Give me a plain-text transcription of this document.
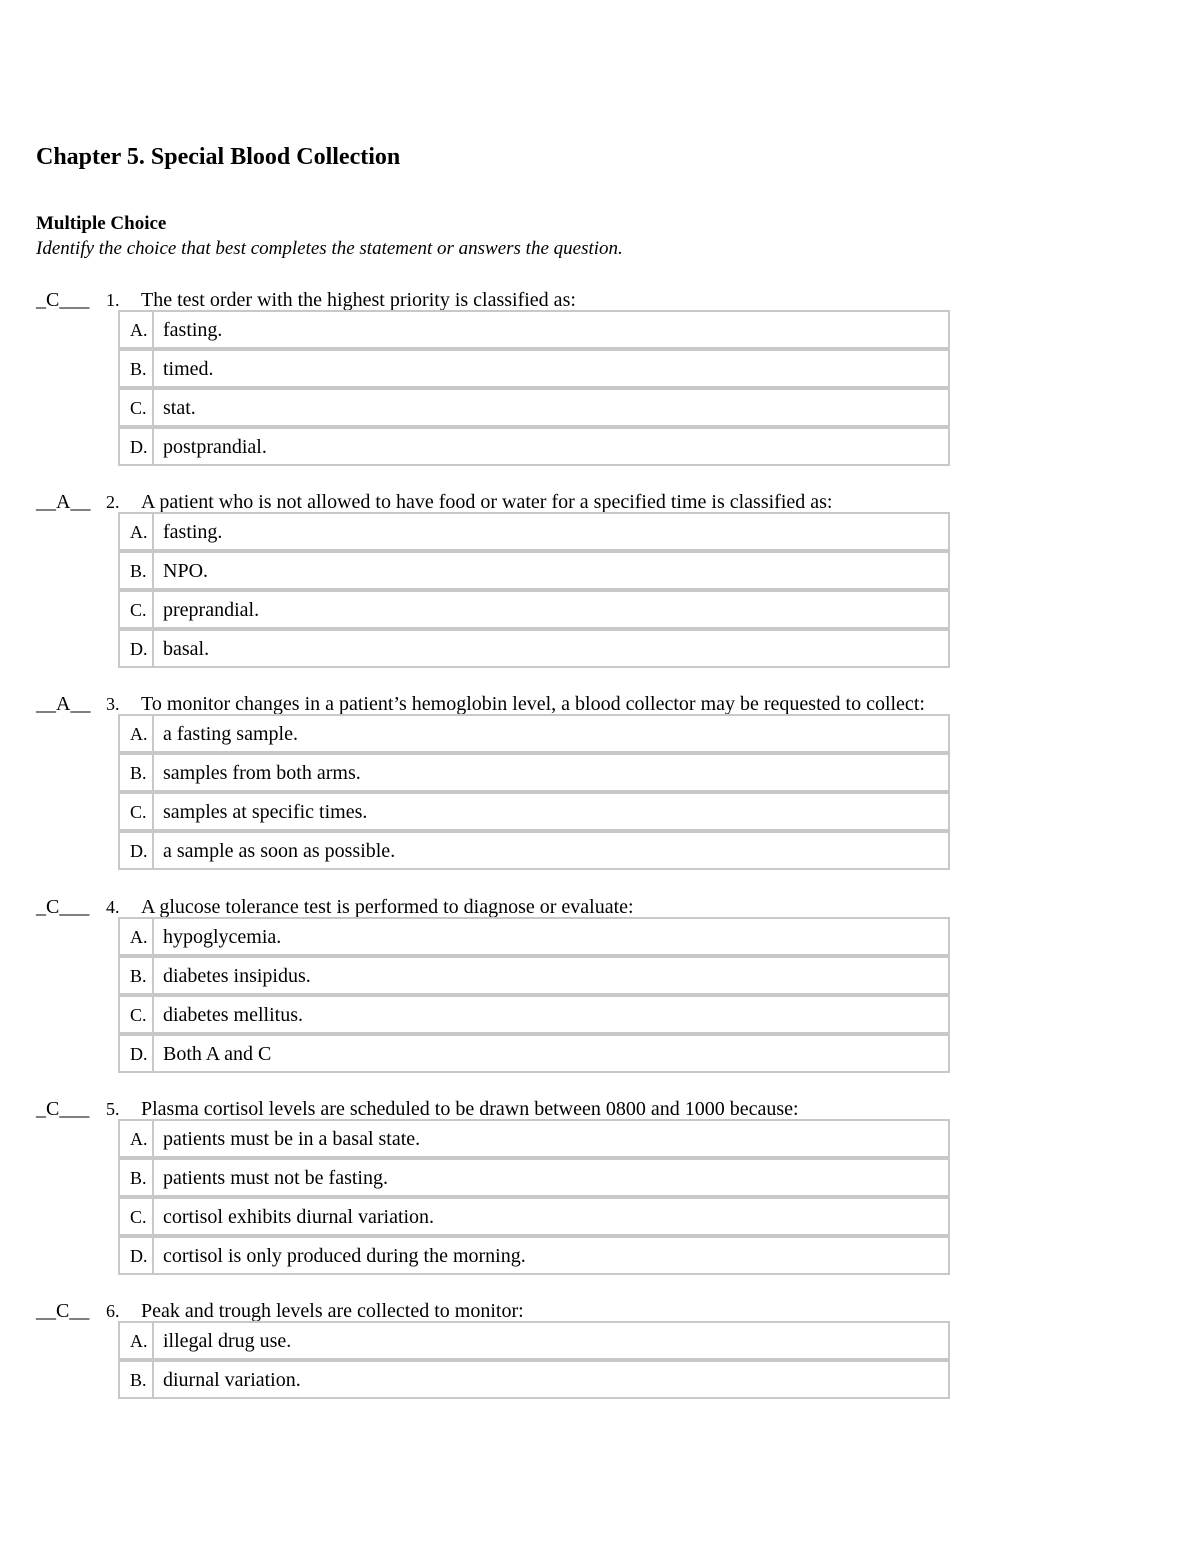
Chapter 5. Special Blood Collection
Multiple Choice

Identify the choice that best completes the statement or answers the question.

_C___ 1. The test order with the highest priority is classified as:
A. fasting.
B. timed.
C. stat.
D. postprandial.
__A__ 2. A patient who is not allowed to have food or water for a specified time is classified as:
A. fasting.
B. NPO.
C. preprandial.
D. basal.
__A__ 3. To monitor changes in a patient’s hemoglobin level, a blood collector may be requested to collect:
A. a fasting sample.
B. samples from both arms.
C. samples at specific times.
D. a sample as soon as possible.
_C___ 4. A glucose tolerance test is performed to diagnose or evaluate:
A. hypoglycemia.
B. diabetes insipidus.
C. diabetes mellitus.
D. Both A and C
_C___ 5. Plasma cortisol levels are scheduled to be drawn between 0800 and 1000 because:
A. patients must be in a basal state.
B. patients must not be fasting.
C. cortisol exhibits diurnal variation.
D. cortisol is only produced during the morning.
__C__ 6. Peak and trough levels are collected to monitor:
A. illegal drug use.
B. diurnal variation.
